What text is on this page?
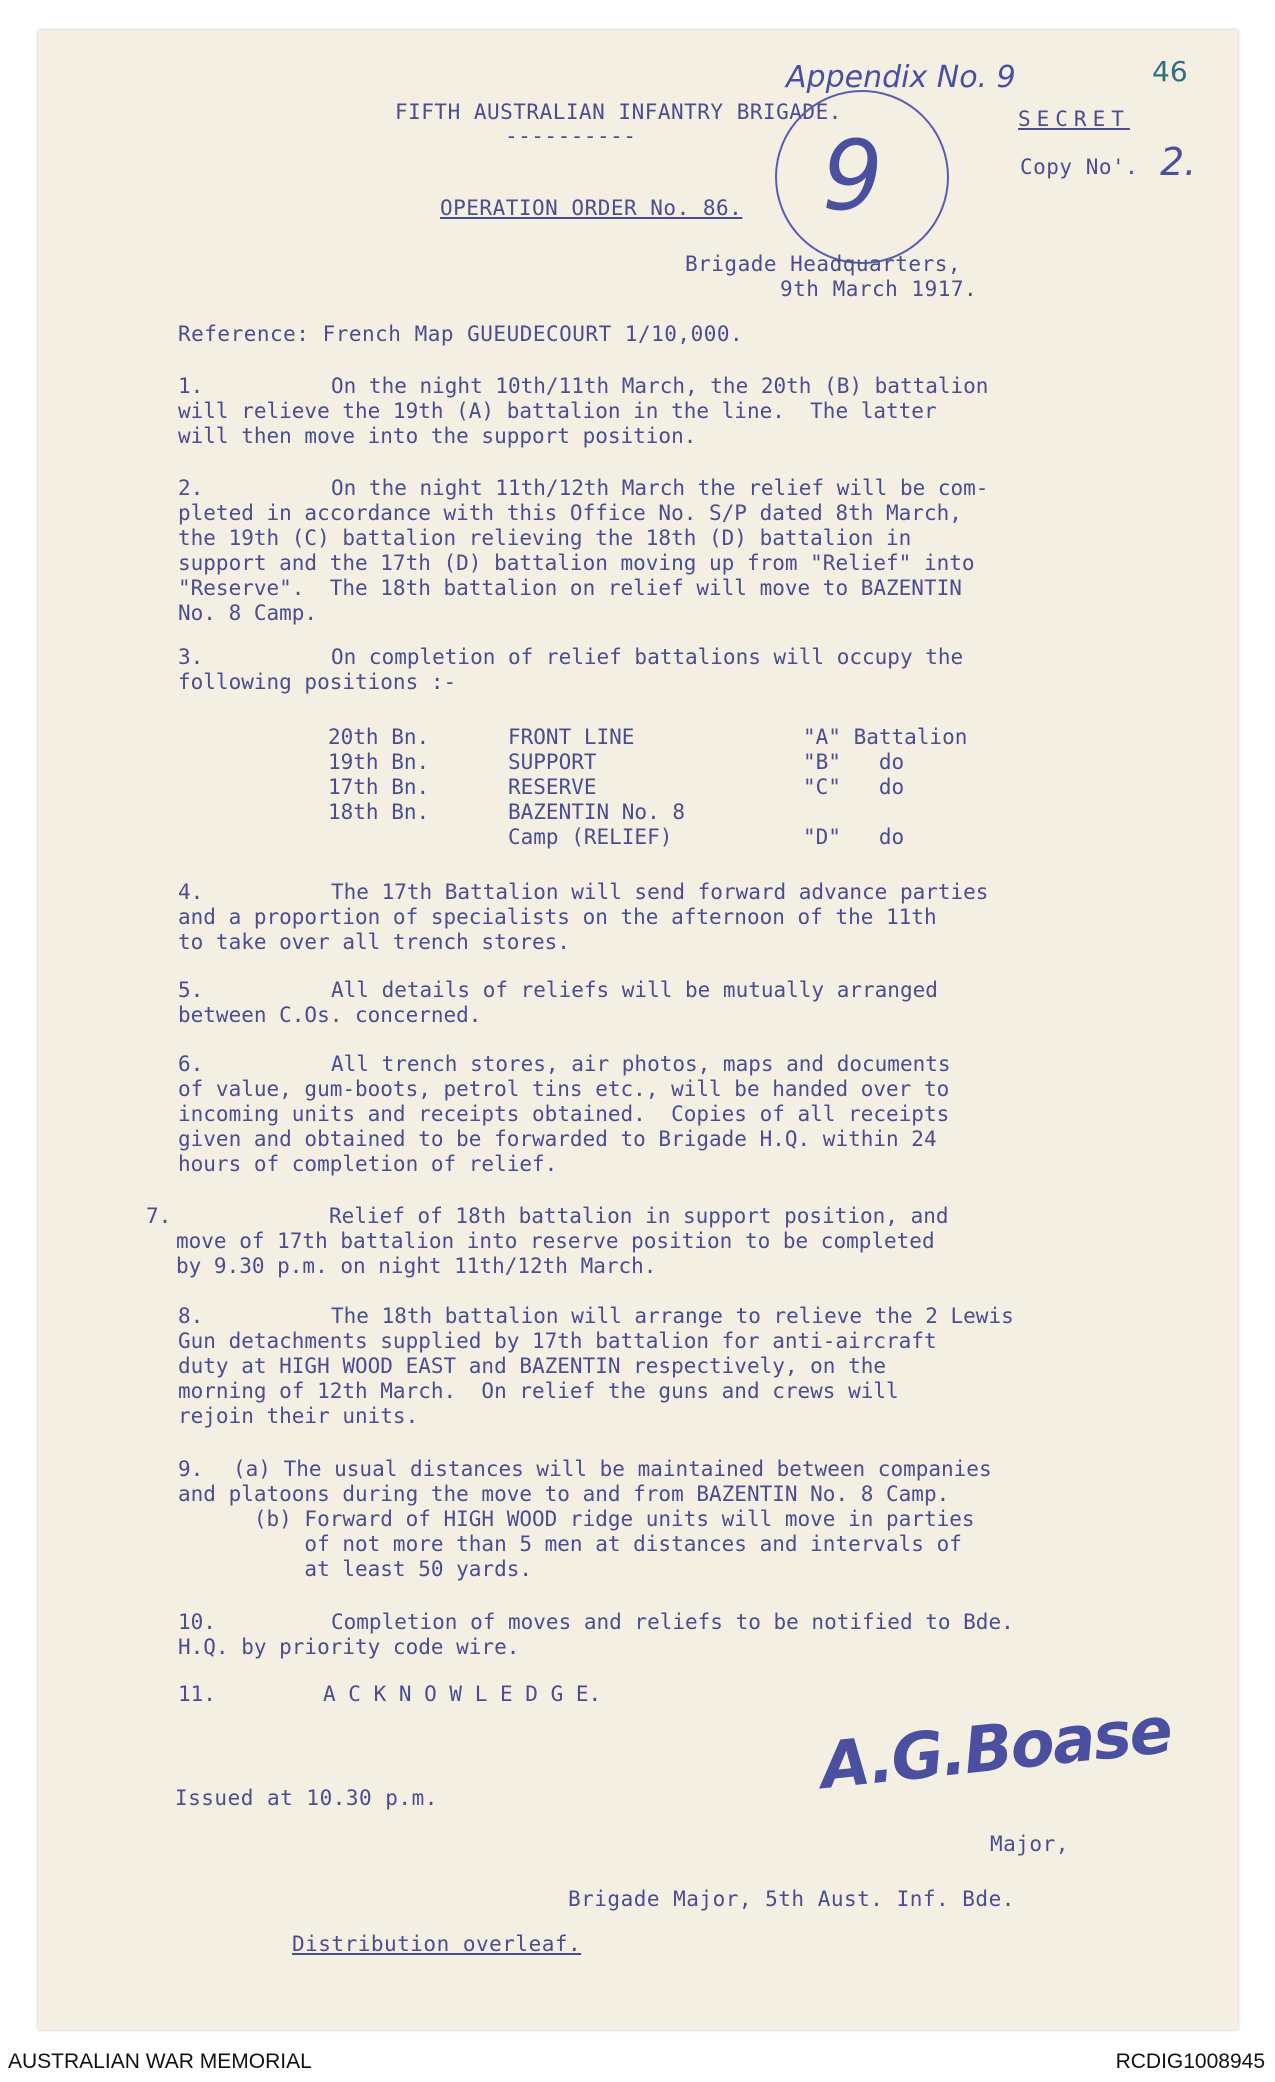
FIFTH AUSTRALIAN INFANTRY BRIGADE.
----------
Appendix No. 9	46
SECRET
Copy No'. 2.
9
OPERATION ORDER No. 86.
Brigade Headquarters,
9th March 1917.
Reference: French Map GUEUDECOURT 1/10,000.
1.	On the night 10th/11th March, the 20th (B) battalion
will relieve the 19th (A) battalion in the line.  The latter
will then move into the support position.
2.	On the night 11th/12th March the relief will be com-
pleted in accordance with this Office No. S/P dated 8th March,
the 19th (C) battalion relieving the 18th (D) battalion in
support and the 17th (D) battalion moving up from "Relief" into
"Reserve".  The 18th battalion on relief will move to BAZENTIN
No. 8 Camp.
3.	On completion of relief battalions will occupy the
following positions :-
20th Bn.	FRONT LINE	"A" Battalion
19th Bn.	SUPPORT	"B"   do
17th Bn.	RESERVE	"C"   do
18th Bn.	BAZENTIN No. 8
Camp (RELIEF)	"D"   do
4.	The 17th Battalion will send forward advance parties
and a proportion of specialists on the afternoon of the 11th
to take over all trench stores.
5.	All details of reliefs will be mutually arranged
between C.Os. concerned.
6.	All trench stores, air photos, maps and documents
of value, gum-boots, petrol tins etc., will be handed over to
incoming units and receipts obtained.  Copies of all receipts
given and obtained to be forwarded to Brigade H.Q. within 24
hours of completion of relief.
7.	Relief of 18th battalion in support position, and
move of 17th battalion into reserve position to be completed
by 9.30 p.m. on night 11th/12th March.
8.	The 18th battalion will arrange to relieve the 2 Lewis
Gun detachments supplied by 17th battalion for anti-aircraft
duty at HIGH WOOD EAST and BAZENTIN respectively, on the
morning of 12th March.  On relief the guns and crews will
rejoin their units.
9.	(a) The usual distances will be maintained between companies
and platoons during the move to and from BAZENTIN No. 8 Camp.
(b) Forward of HIGH WOOD ridge units will move in parties
of not more than 5 men at distances and intervals of
at least 50 yards.
10.	Completion of moves and reliefs to be notified to Bde.
H.Q. by priority code wire.
11.	A C K N O W L E D G E.
Issued at 10.30 p.m.	A.G.Boase
Major,
Brigade Major, 5th Aust. Inf. Bde.
Distribution overleaf.
AUSTRALIAN WAR MEMORIAL	RCDIG1008945
